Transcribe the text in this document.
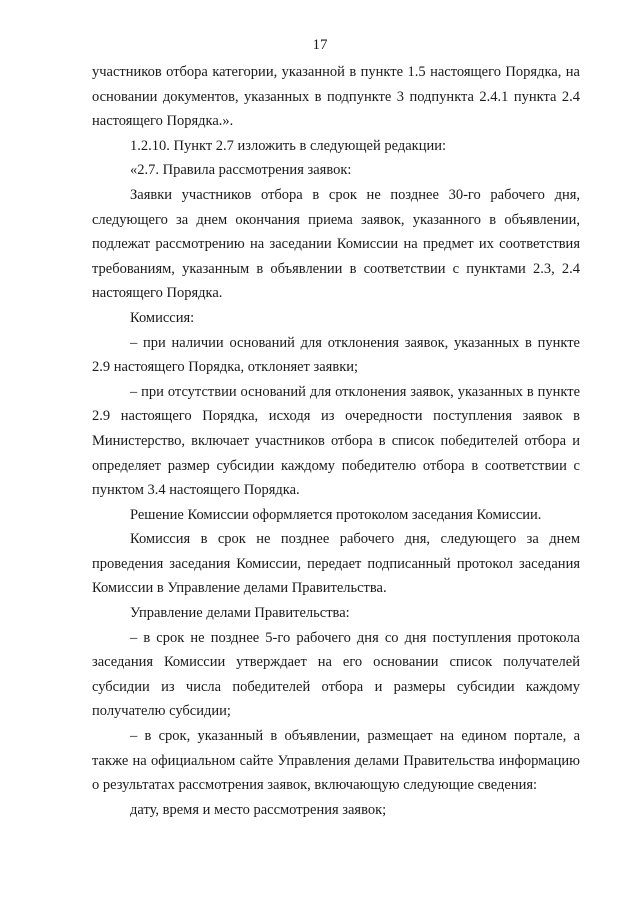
17

участников отбора категории, указанной в пункте 1.5 настоящего Порядка, на основании документов, указанных в подпункте 3 подпункта 2.4.1 пункта 2.4 настоящего Порядка.».

1.2.10. Пункт 2.7 изложить в следующей редакции:

«2.7. Правила рассмотрения заявок:

Заявки участников отбора в срок не позднее 30-го рабочего дня, следующего за днем окончания приема заявок, указанного в объявлении, подлежат рассмотрению на заседании Комиссии на предмет их соответствия требованиям, указанным в объявлении в соответствии с пунктами 2.3, 2.4 настоящего Порядка.

Комиссия:

– при наличии оснований для отклонения заявок, указанных в пункте 2.9 настоящего Порядка, отклоняет заявки;

– при отсутствии оснований для отклонения заявок, указанных в пункте 2.9 настоящего Порядка, исходя из очередности поступления заявок в Министерство, включает участников отбора в список победителей отбора и определяет размер субсидии каждому победителю отбора в соответствии с пунктом 3.4 настоящего Порядка.

Решение Комиссии оформляется протоколом заседания Комиссии.

Комиссия в срок не позднее рабочего дня, следующего за днем проведения заседания Комиссии, передает подписанный протокол заседания Комиссии в Управление делами Правительства.

Управление делами Правительства:

– в срок не позднее 5-го рабочего дня со дня поступления протокола заседания Комиссии утверждает на его основании список получателей субсидии из числа победителей отбора и размеры субсидии каждому получателю субсидии;

– в срок, указанный в объявлении, размещает на едином портале, а также на официальном сайте Управления делами Правительства информацию о результатах рассмотрения заявок, включающую следующие сведения:

дату, время и место рассмотрения заявок;
